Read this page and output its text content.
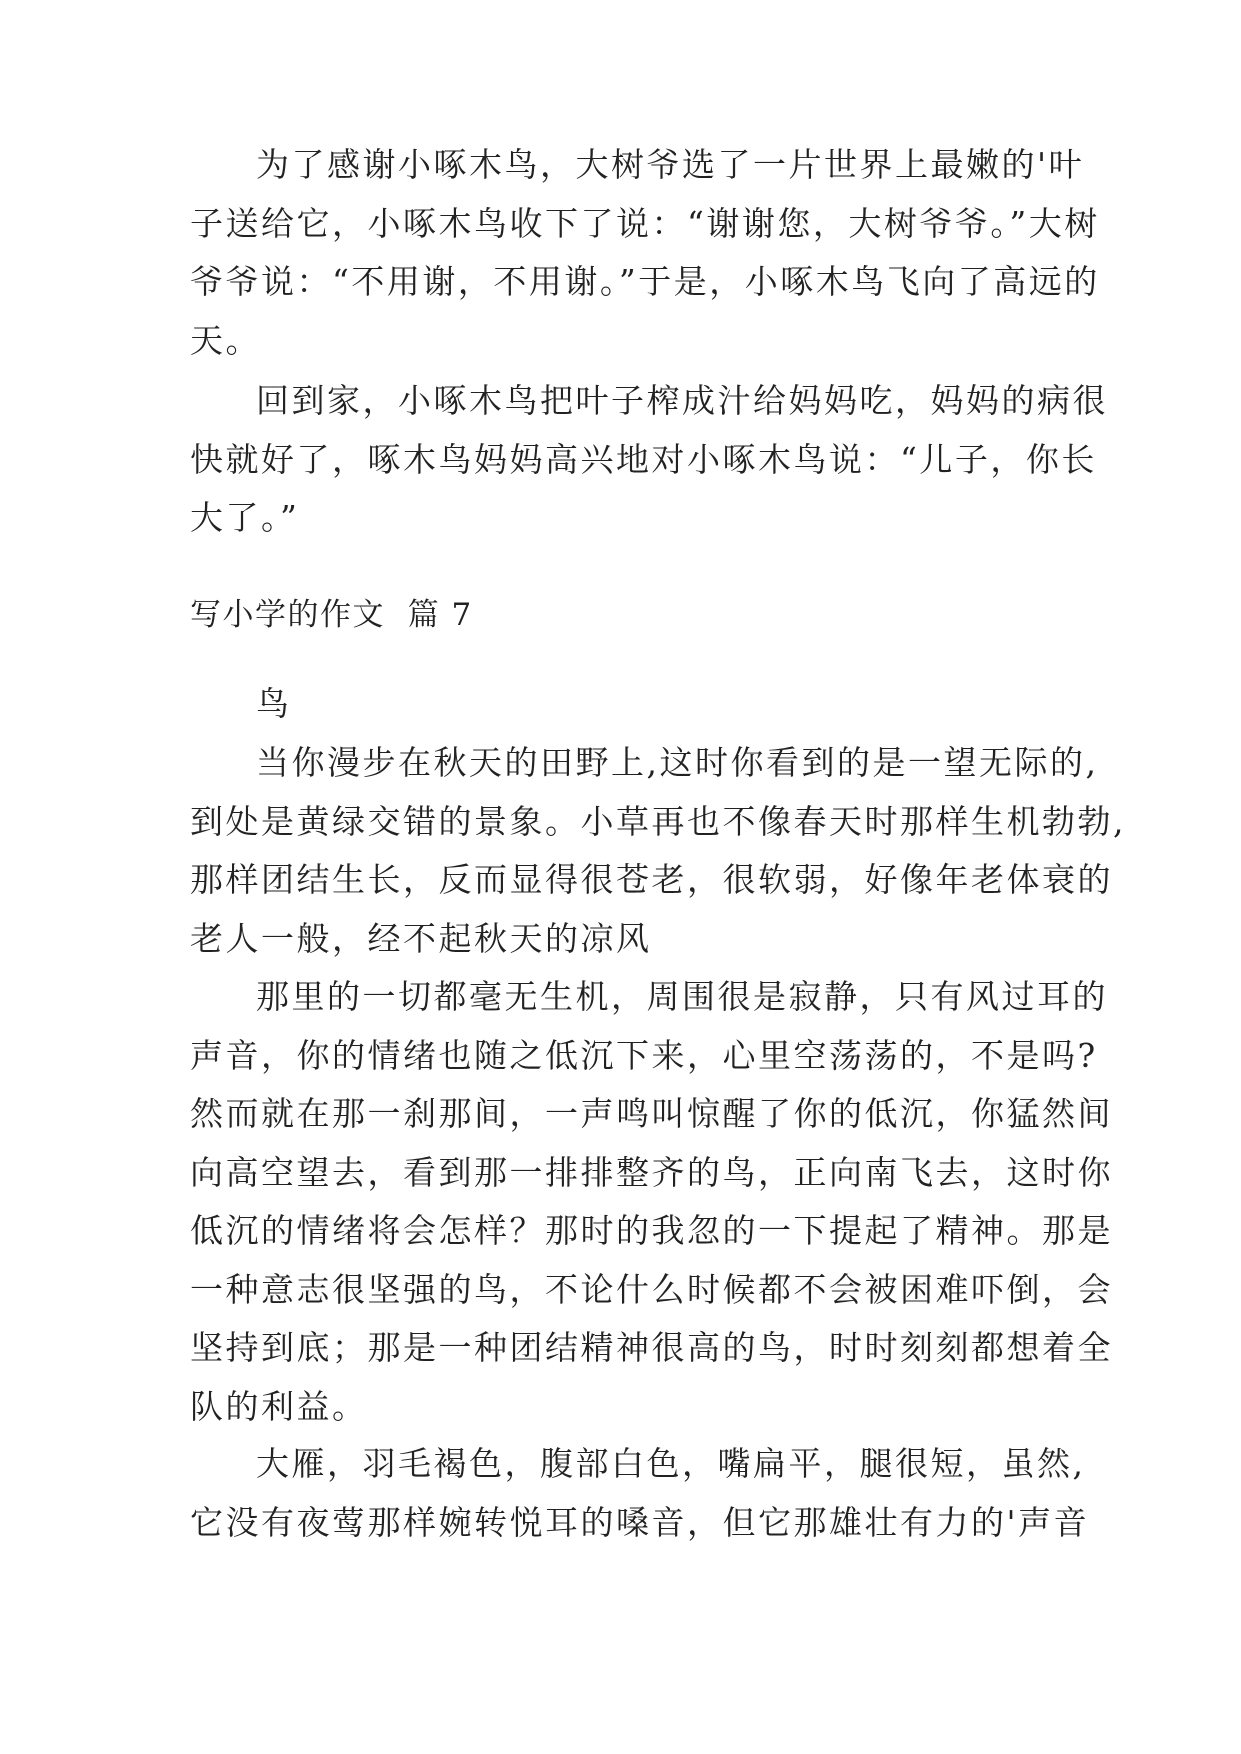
为了感谢小啄木鸟，大树爷选了一片世界上最嫩的'叶
子送给它，小啄木鸟收下了说：“谢谢您，大树爷爷。”大树
爷爷说：“不用谢，不用谢。”于是，小啄木鸟飞向了高远的
天。
回到家，小啄木鸟把叶子榨成汁给妈妈吃，妈妈的病很
快就好了，啄木鸟妈妈高兴地对小啄木鸟说：“儿子，你长
大了。”
写小学的作文  篇 7
鸟
当你漫步在秋天的田野上,这时你看到的是一望无际的,
到处是黄绿交错的景象。小草再也不像春天时那样生机勃勃,
那样团结生长，反而显得很苍老，很软弱，好像年老体衰的
老人一般，经不起秋天的凉风
那里的一切都毫无生机，周围很是寂静，只有风过耳的
声音，你的情绪也随之低沉下来，心里空荡荡的，不是吗?
然而就在那一刹那间，一声鸣叫惊醒了你的低沉，你猛然间
向高空望去，看到那一排排整齐的鸟，正向南飞去，这时你
低沉的情绪将会怎样？那时的我忽的一下提起了精神。那是
一种意志很坚强的鸟，不论什么时候都不会被困难吓倒，会
坚持到底；那是一种团结精神很高的鸟，时时刻刻都想着全
队的利益。
大雁，羽毛褐色，腹部白色，嘴扁平，腿很短，虽然,
它没有夜莺那样婉转悦耳的嗓音，但它那雄壮有力的'声音
